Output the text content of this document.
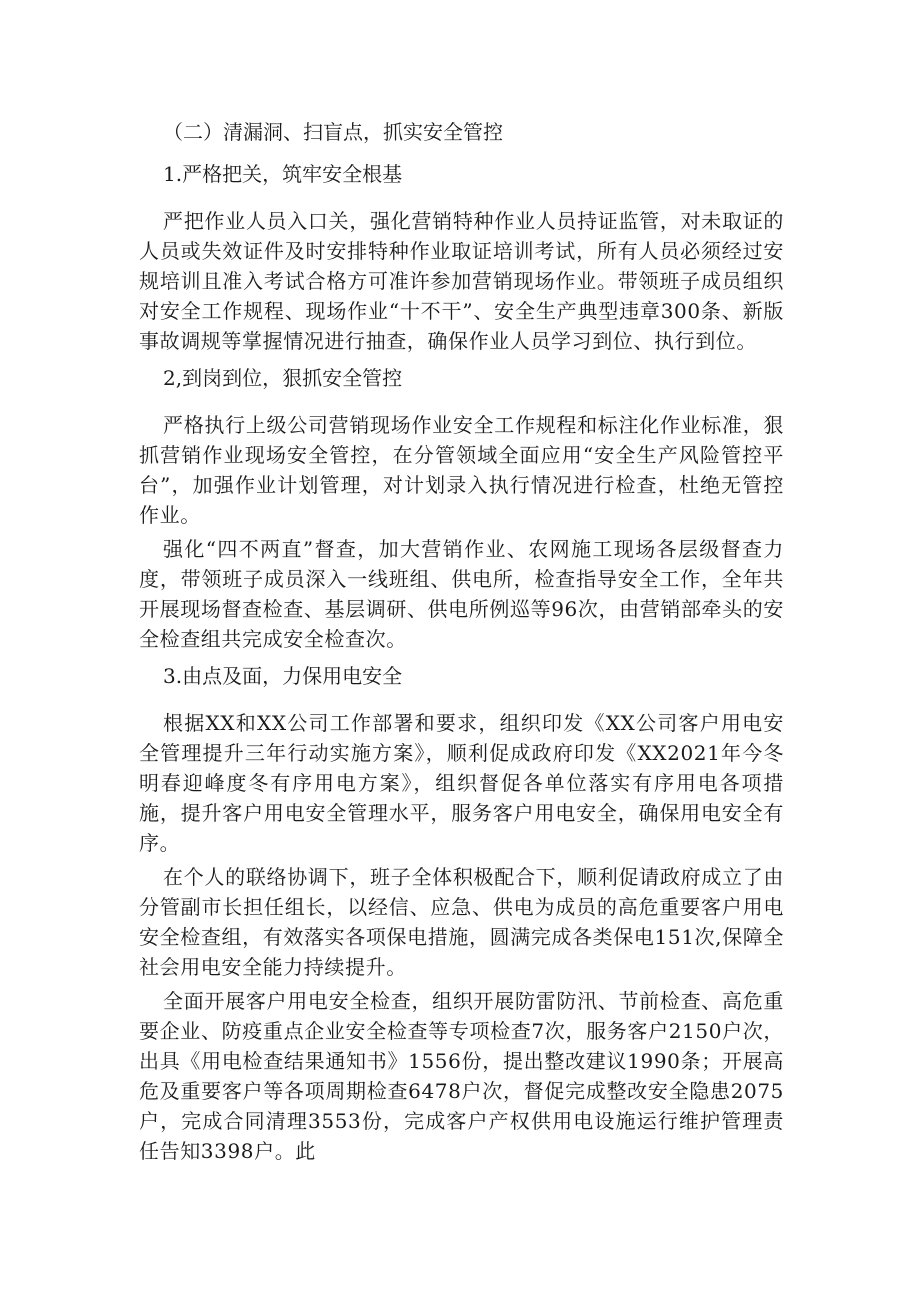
（二）清漏洞、扫盲点，抓实安全管控

1.严格把关，筑牢安全根基

严把作业人员入口关，强化营销特种作业人员持证监管，对未取证的人员或失效证件及时安排特种作业取证培训考试，所有人员必须经过安规培训且准入考试合格方可准许参加营销现场作业。带领班子成员组织对安全工作规程、现场作业“十不干”、安全生产典型违章300条、新版事故调规等掌握情况进行抽查，确保作业人员学习到位、执行到位。

2,到岗到位，狠抓安全管控

严格执行上级公司营销现场作业安全工作规程和标注化作业标准，狠抓营销作业现场安全管控，在分管领域全面应用“安全生产风险管控平台”，加强作业计划管理，对计划录入执行情况进行检查，杜绝无管控作业。

强化“四不两直”督查，加大营销作业、农网施工现场各层级督查力度，带领班子成员深入一线班组、供电所，检查指导安全工作，全年共开展现场督查检查、基层调研、供电所例巡等96次，由营销部牵头的安全检查组共完成安全检查次。

3.由点及面，力保用电安全

根据XX和XX公司工作部署和要求，组织印发《XX公司客户用电安全管理提升三年行动实施方案》，顺利促成政府印发《XX2021年今冬明春迎峰度冬有序用电方案》，组织督促各单位落实有序用电各项措施，提升客户用电安全管理水平，服务客户用电安全，确保用电安全有序。

在个人的联络协调下，班子全体积极配合下，顺利促请政府成立了由分管副市长担任组长，以经信、应急、供电为成员的高危重要客户用电安全检查组，有效落实各项保电措施，圆满完成各类保电151次,保障全社会用电安全能力持续提升。

全面开展客户用电安全检查，组织开展防雷防汛、节前检查、高危重要企业、防疫重点企业安全检查等专项检查7次，服务客户2150户次，出具《用电检查结果通知书》1556份，提出整改建议1990条；开展高危及重要客户等各项周期检查6478户次，督促完成整改安全隐患2075户，完成合同清理3553份，完成客户产权供用电设施运行维护管理责任告知3398户。此
